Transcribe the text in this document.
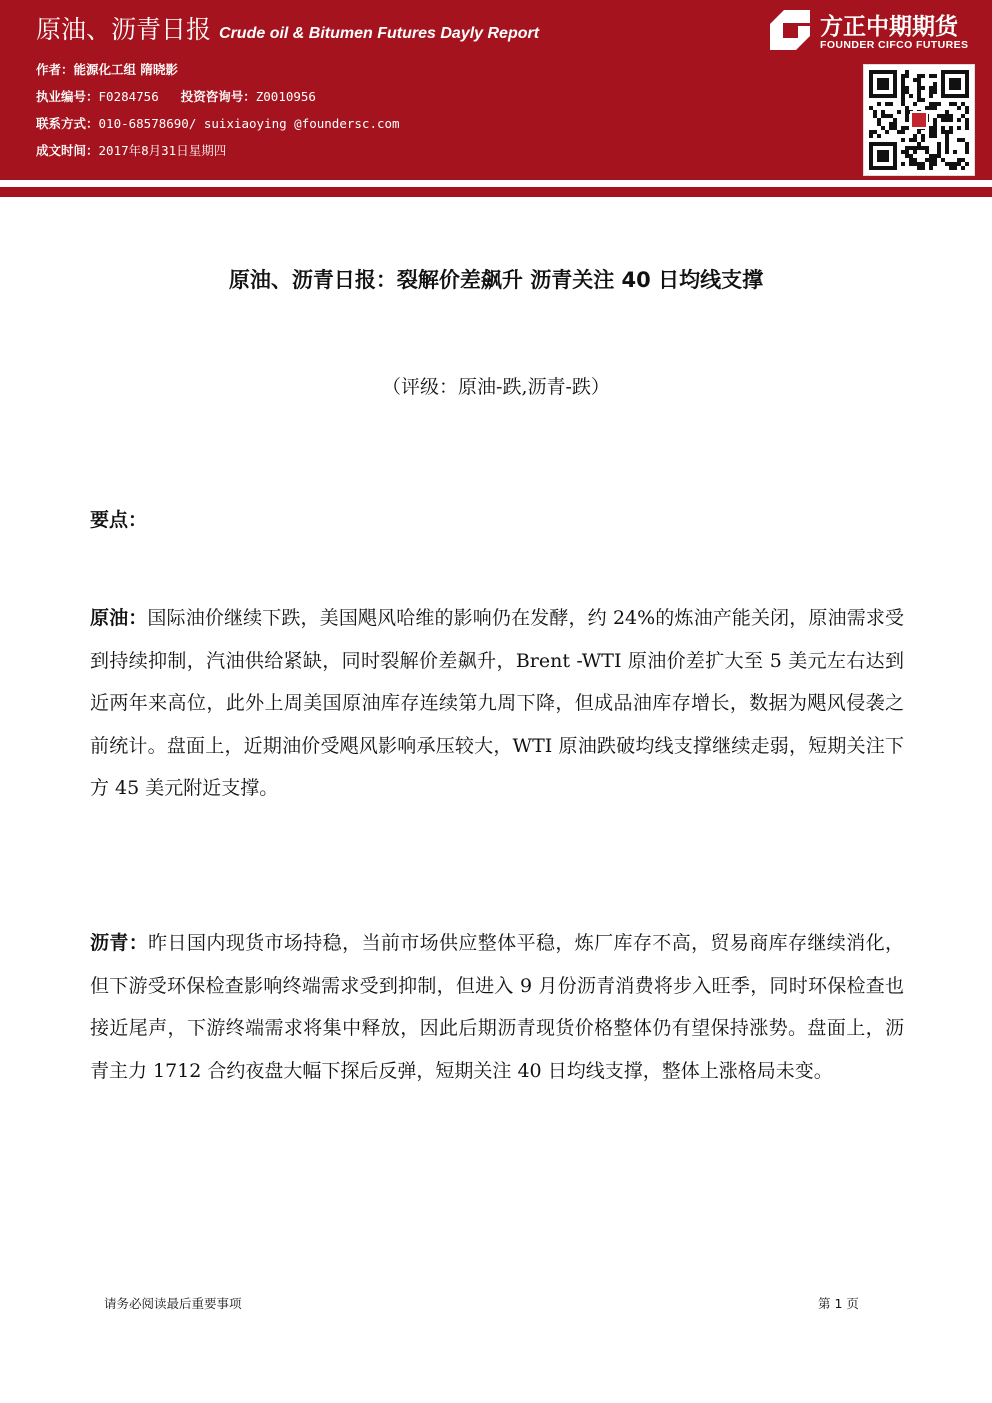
原油、沥青日报 Crude oil & Bitumen Futures Dayly Report
作者：能源化工组 隋晓影
执业编号：F0284756 投资咨询号：Z0010956
联系方式：010-68578690/ suixiaoying @foundersc.com
成文时间：2017年8月31日星期四
方正中期期货
FOUNDER CIFCO FUTURES
原油、沥青日报：裂解价差飙升 沥青关注 40 日均线支撑
（评级：原油-跌,沥青-跌）
要点：
原油：国际油价继续下跌，美国飓风哈维的影响仍在发酵，约 24%的炼油产能关闭，原油需求受到持续抑制，汽油供给紧缺，同时裂解价差飙升，Brent -WTI 原油价差扩大至 5 美元左右达到近两年来高位，此外上周美国原油库存连续第九周下降，但成品油库存增长，数据为飓风侵袭之前统计。盘面上，近期油价受飓风影响承压较大，WTI 原油跌破均线支撑继续走弱，短期关注下方 45 美元附近支撑。
沥青：昨日国内现货市场持稳，当前市场供应整体平稳，炼厂库存不高，贸易商库存继续消化，但下游受环保检查影响终端需求受到抑制，但进入 9 月份沥青消费将步入旺季，同时环保检查也接近尾声，下游终端需求将集中释放，因此后期沥青现货价格整体仍有望保持涨势。盘面上，沥青主力 1712 合约夜盘大幅下探后反弹，短期关注 40 日均线支撑，整体上涨格局未变。
请务必阅读最后重要事项	第 1 页
